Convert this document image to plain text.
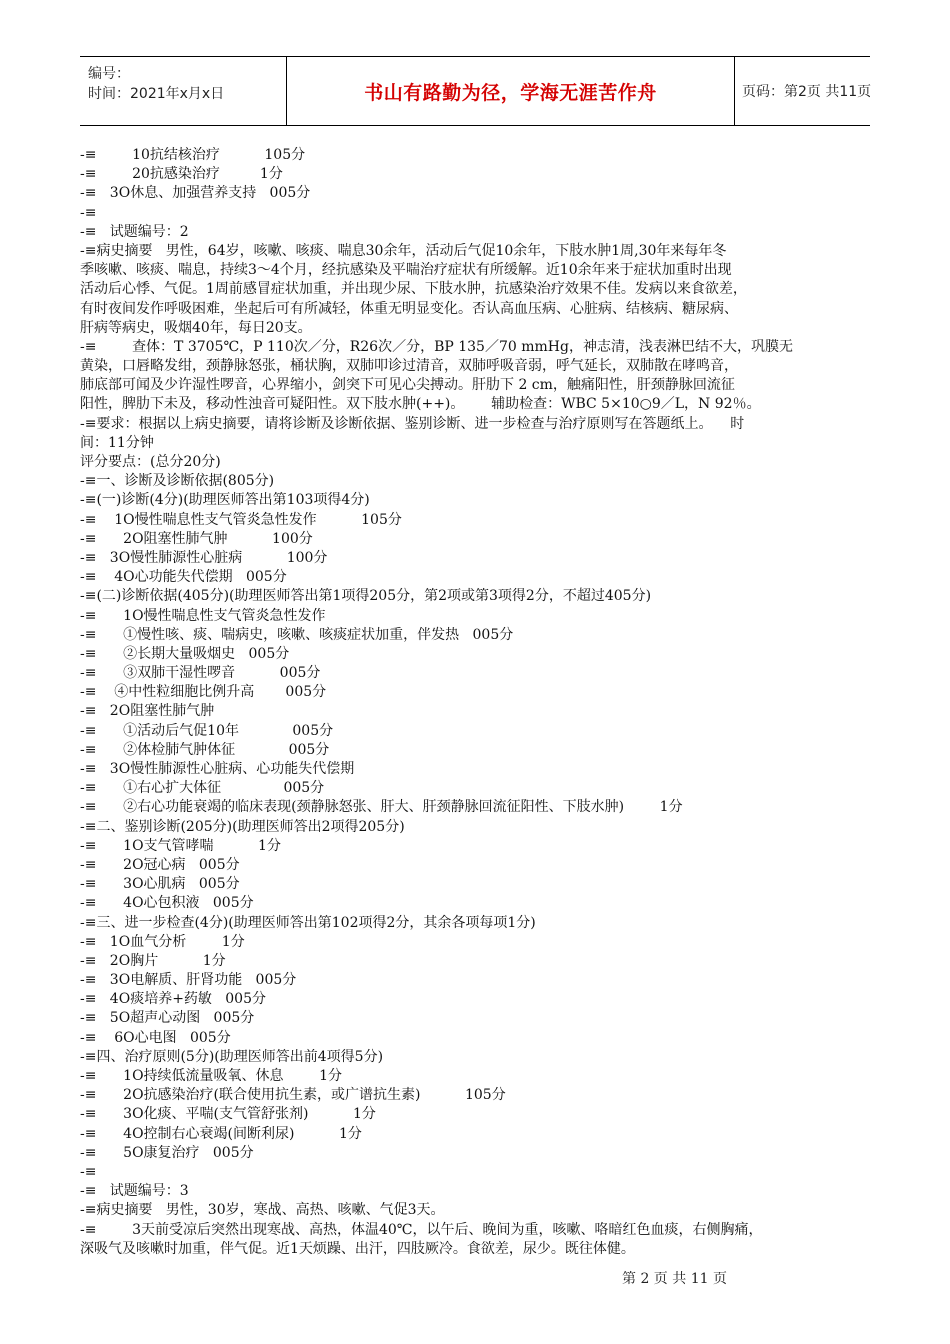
编号：
时间：2021年x月x日	书山有路勤为径，学海无涯苦作舟	页码：第2页 共11页
-≡        10抗结核治疗          105分
-≡        20抗感染治疗         1分
-≡   3O休息、加强营养支持   005分
-≡
-≡   试题编号：2
-≡病史摘要   男性，64岁，咳嗽、咳痰、喘息30余年，活动后气促10余年，下肢水肿1周,30年来每年冬
季咳嗽、咳痰、喘息，持续3～4个月，经抗感染及平喘治疗症状有所缓解。近10余年来于症状加重时出现
活动后心悸、气促。1周前感冒症状加重，并出现少尿、下肢水肿，抗感染治疗效果不佳。发病以来食欲差，
有时夜间发作呼吸困难，坐起后可有所减轻，体重无明显变化。否认高血压病、心脏病、结核病、糖尿病、
肝病等病史，吸烟40年，每日20支。
-≡        查体：T 3705℃，P 110次／分，R26次／分，BP 135／70 mmHg，神志清，浅表淋巴结不大，巩膜无
黄染，口唇略发绀，颈静脉怒张，桶状胸，双肺叩诊过清音，双肺呼吸音弱，呼气延长，双肺散在哮鸣音，
肺底部可闻及少许湿性啰音，心界缩小，剑突下可见心尖搏动。肝肋下 2 cm，触痛阳性，肝颈静脉回流征
阳性，脾肋下未及，移动性浊音可疑阳性。双下肢水肿(++)。      辅助检查：WBC 5×10○9／L，N 92％。
-≡要求：根据以上病史摘要，请将诊断及诊断依据、鉴别诊断、进一步检查与治疗原则写在答题纸上。    时
间：11分钟
评分要点：(总分20分)
-≡一、诊断及诊断依据(805分)
-≡(一)诊断(4分)(助理医师答出第103项得4分)
-≡    1O慢性喘息性支气管炎急性发作          105分
-≡      2O阻塞性肺气肿          100分
-≡   3O慢性肺源性心脏病          100分
-≡    4O心功能失代偿期   005分
-≡(二)诊断依据(405分)(助理医师答出第1项得205分，第2项或第3项得2分，不超过405分)
-≡      1O慢性喘息性支气管炎急性发作
-≡      ①慢性咳、痰、喘病史，咳嗽、咳痰症状加重，伴发热   005分
-≡      ②长期大量吸烟史   005分
-≡      ③双肺干湿性啰音          005分
-≡    ④中性粒细胞比例升高       005分
-≡   2O阻塞性肺气肿
-≡      ①活动后气促10年            005分
-≡      ②体检肺气肿体征            005分
-≡   3O慢性肺源性心脏病、心功能失代偿期
-≡      ①右心扩大体征              005分
-≡      ②右心功能衰竭的临床表现(颈静脉怒张、肝大、肝颈静脉回流征阳性、下肢水肿)        1分
-≡二、鉴别诊断(205分)(助理医师答出2项得205分)
-≡      1O支气管哮喘          1分
-≡      2O冠心病   005分
-≡      3O心肌病   005分
-≡      4O心包积液   005分
-≡三、进一步检查(4分)(助理医师答出第102项得2分，其余各项每项1分)
-≡   1O血气分析        1分
-≡   2O胸片          1分
-≡   3O电解质、肝肾功能   005分
-≡   4O痰培养+药敏   005分
-≡   5O超声心动图   005分
-≡    6O心电图   005分
-≡四、治疗原则(5分)(助理医师答出前4项得5分)
-≡      1O持续低流量吸氧、休息        1分
-≡      2O抗感染治疗(联合使用抗生素，或广谱抗生素)          105分
-≡      3O化痰、平喘(支气管舒张剂)          1分
-≡      4O控制右心衰竭(间断利尿)          1分
-≡      5O康复治疗   005分
-≡
-≡   试题编号：3
-≡病史摘要   男性，30岁，寒战、高热、咳嗽、气促3天。
-≡        3天前受凉后突然出现寒战、高热，体温40℃，以午后、晚间为重，咳嗽、咯暗红色血痰，右侧胸痛，
深吸气及咳嗽时加重，伴气促。近1天烦躁、出汗，四肢厥冷。食欲差，尿少。既往体健。
第 2 页 共 11 页
